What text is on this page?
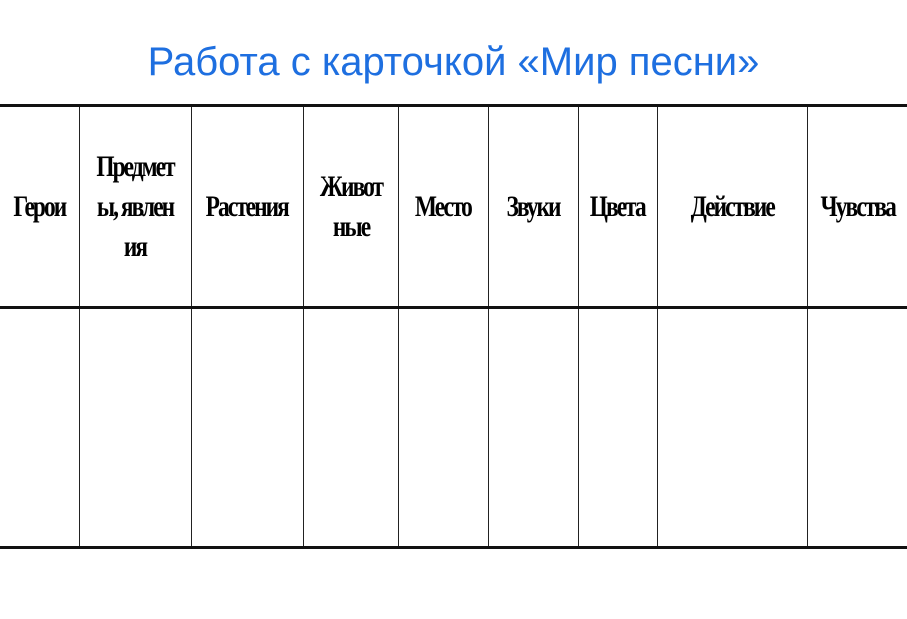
Работа с карточкой «Мир песни»
Герои	Предметы, явления	Растения	Животные	Место	Звуки	Цвета	Действие	Чувства
